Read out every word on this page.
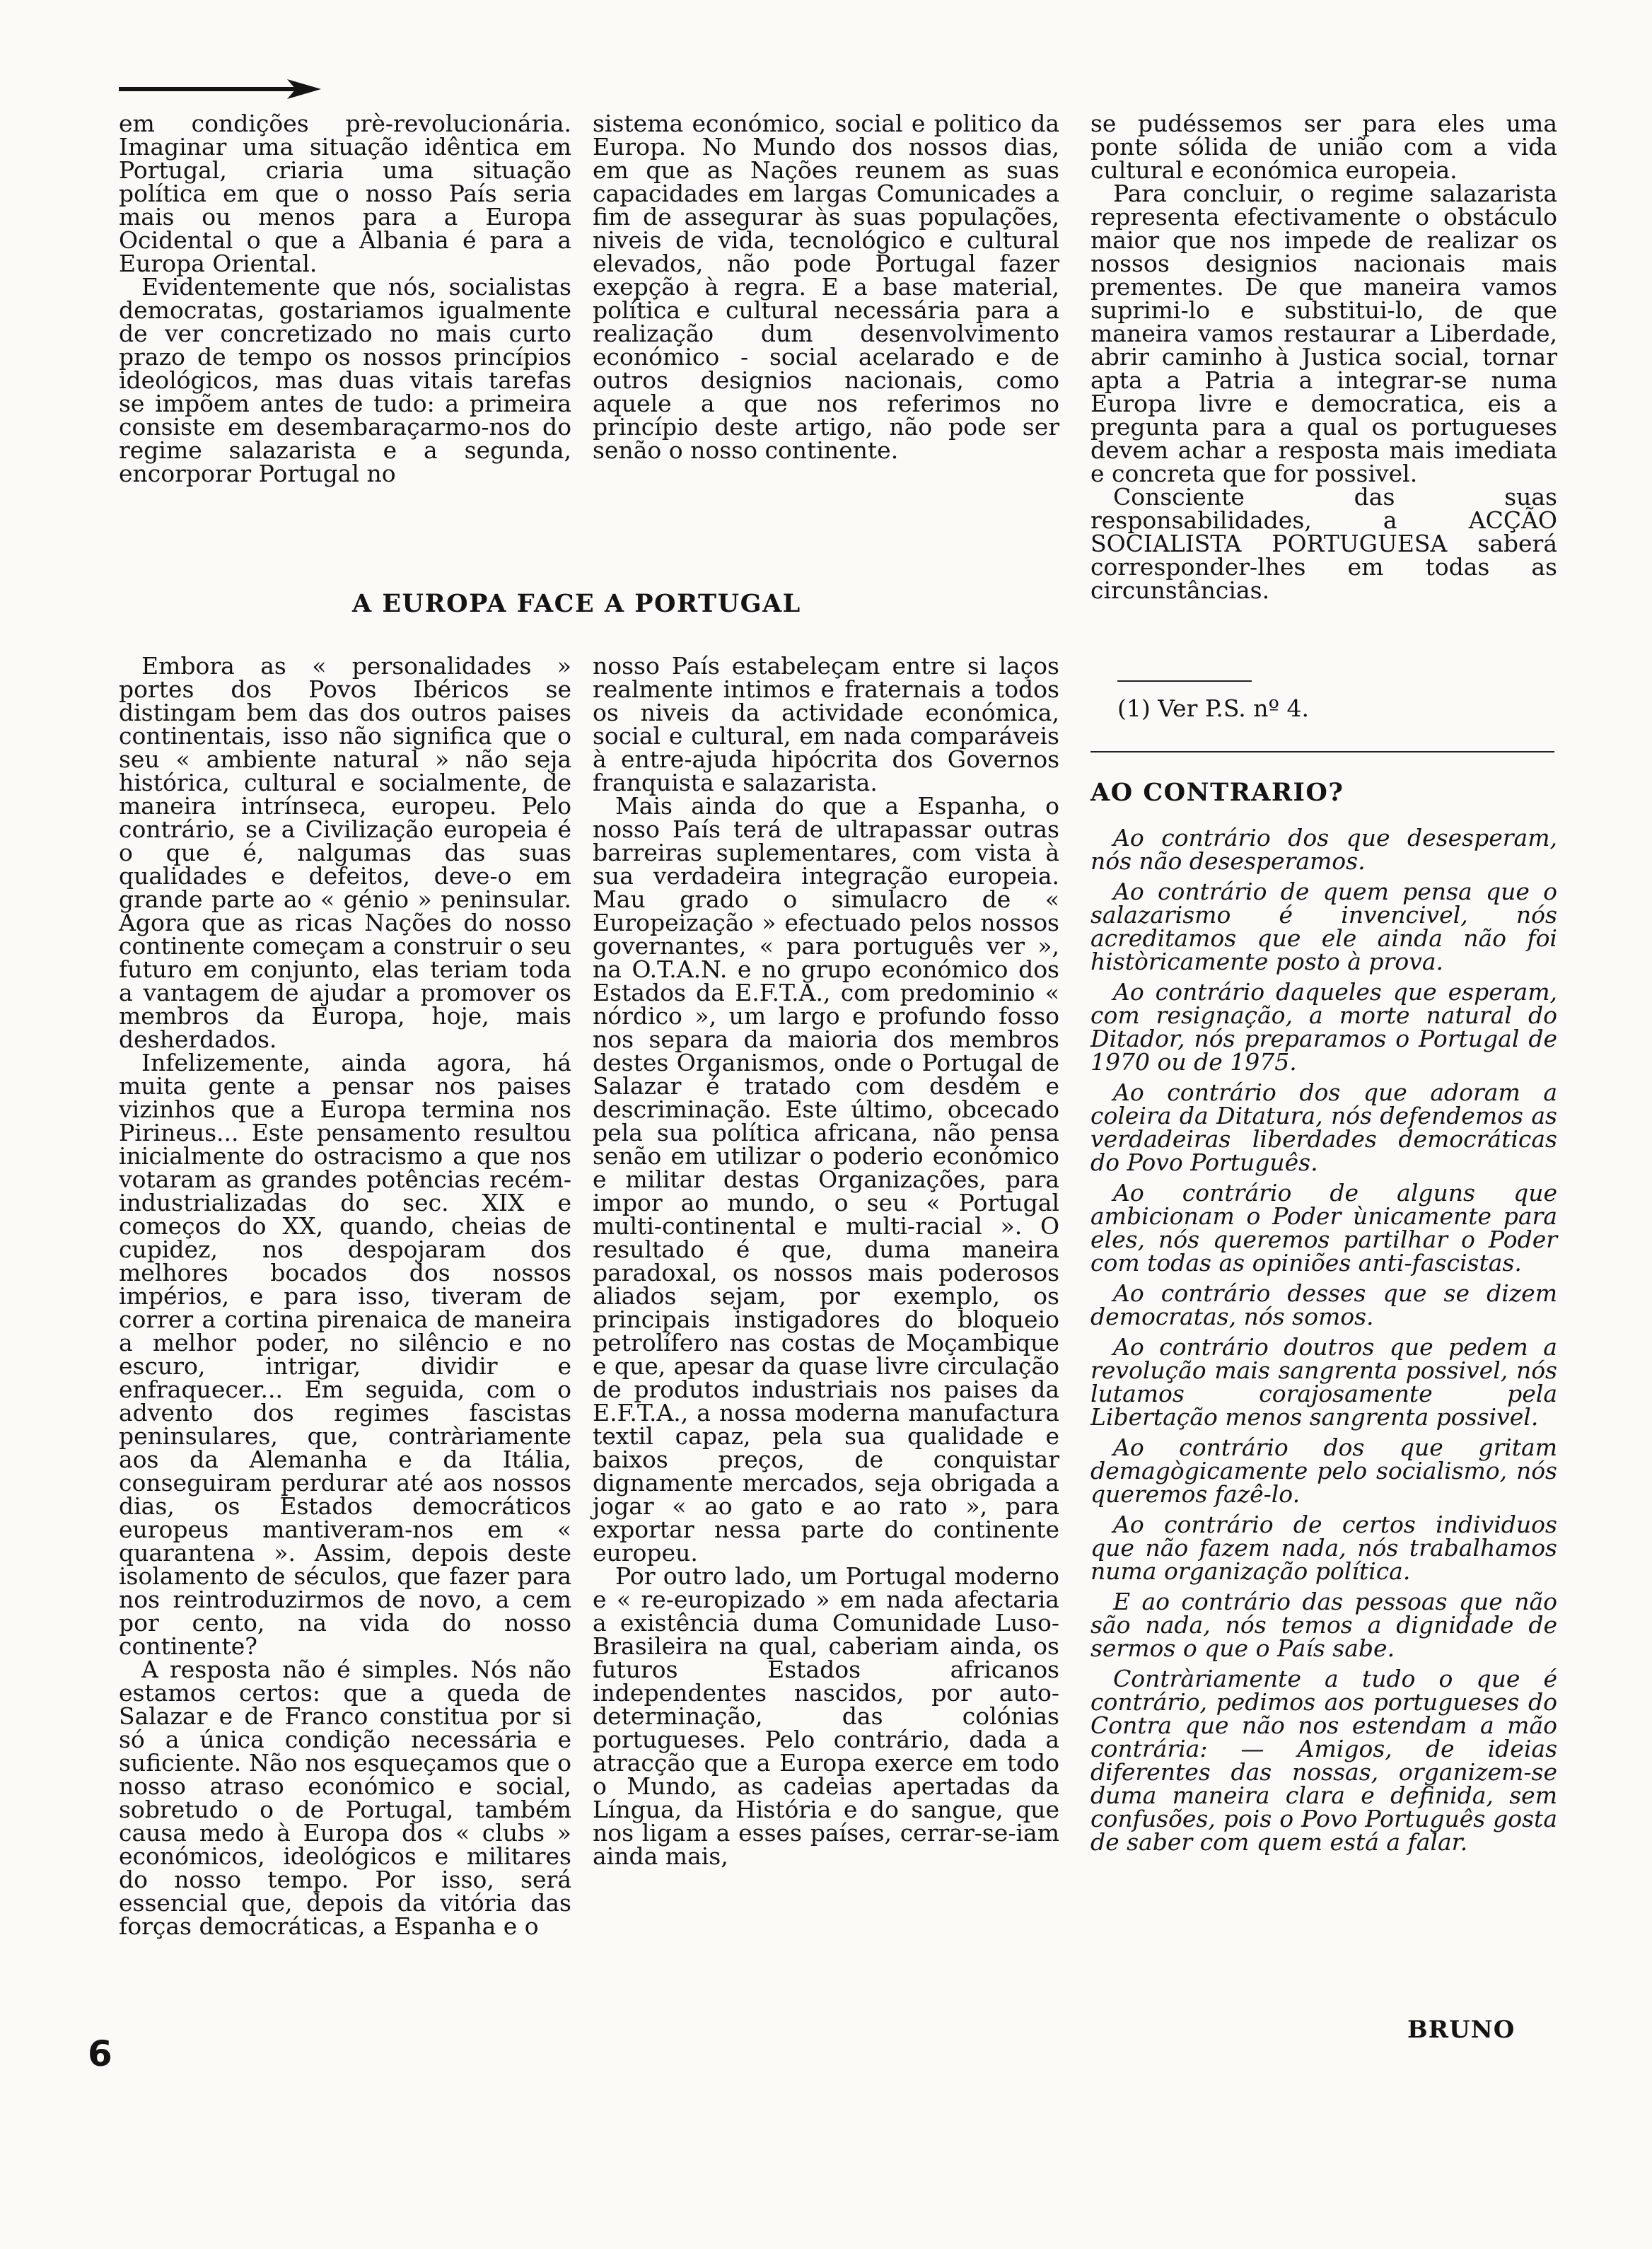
em condições prè-revolucionária. Imaginar uma situação idêntica em Portugal, criaria uma situação política em que o nosso País seria mais ou menos para a Europa Ocidental o que a Albania é para a Europa Oriental.

Evidentemente que nós, socialistas democratas, gostariamos igualmente de ver concretizado no mais curto prazo de tempo os nossos princípios ideológicos, mas duas vitais tarefas se impõem antes de tudo: a primeira consiste em desembaraçarmo-nos do regime salazarista e a segunda, encorporar Portugal no

sistema económico, social e politico da Europa. No Mundo dos nossos dias, em que as Nações reunem as suas capacidades em largas Comunicades a fim de assegurar às suas populações, niveis de vida, tecnológico e cultural elevados, não pode Portugal fazer exepção à regra. E a base material, política e cultural necessária para a realização dum desenvolvimento económico - social acelarado e de outros designios nacionais, como aquele a que nos referimos no princípio deste artigo, não pode ser senão o nosso continente.

A EUROPA FACE A PORTUGAL

Embora as « personalidades » portes dos Povos Ibéricos se distingam bem das dos outros paises continentais, isso não significa que o seu « ambiente natural » não seja histórica, cultural e socialmente, de maneira intrínseca, europeu. Pelo contrário, se a Civilização europeia é o que é, nalgumas das suas qualidades e defeitos, deve-o em grande parte ao « génio » peninsular. Agora que as ricas Nações do nosso continente começam a construir o seu futuro em conjunto, elas teriam toda a vantagem de ajudar a promover os membros da Europa, hoje, mais desherdados.

Infelizemente, ainda agora, há muita gente a pensar nos paises vizinhos que a Europa termina nos Pirineus... Este pensamento resultou inicialmente do ostracismo a que nos votaram as grandes potências recém-industrializadas do sec. XIX e começos do XX, quando, cheias de cupidez, nos despojaram dos melhores bocados dos nossos impérios, e para isso, tiveram de correr a cortina pirenaica de maneira a melhor poder, no silêncio e no escuro, intrigar, dividir e enfraquecer... Em seguida, com o advento dos regimes fascistas peninsulares, que, contràriamente aos da Alemanha e da Itália, conseguiram perdurar até aos nossos dias, os Estados democráticos europeus mantiveram-nos em « quarantena ». Assim, depois deste isolamento de séculos, que fazer para nos reintroduzirmos de novo, a cem por cento, na vida do nosso continente?

A resposta não é simples. Nós não estamos certos: que a queda de Salazar e de Franco constitua por si só a única condição necessária e suficiente. Não nos esqueçamos que o nosso atraso económico e social, sobretudo o de Portugal, também causa medo à Europa dos « clubs » económicos, ideológicos e militares do nosso tempo. Por isso, será essencial que, depois da vitória das forças democráticas, a Espanha e o

nosso País estabeleçam entre si laços realmente intimos e fraternais a todos os niveis da actividade económica, social e cultural, em nada comparáveis à entre-ajuda hipócrita dos Governos franquista e salazarista.

Mais ainda do que a Espanha, o nosso País terá de ultrapassar outras barreiras suplementares, com vista à sua verdadeira integração europeia. Mau grado o simulacro de « Europeização » efectuado pelos nossos governantes, « para português ver », na O.T.A.N. e no grupo económico dos Estados da E.F.T.A., com predominio « nórdico », um largo e profundo fosso nos separa da maioria dos membros destes Organismos, onde o Portugal de Salazar é tratado com desdém e descriminação. Este último, obcecado pela sua política africana, não pensa senão em utilizar o poderio económico e militar destas Organizações, para impor ao mundo, o seu « Portugal multi-continental e multi-racial ». O resultado é que, duma maneira paradoxal, os nossos mais poderosos aliados sejam, por exemplo, os principais instigadores do bloqueio petrolífero nas costas de Moçambique e que, apesar da quase livre circulação de produtos industriais nos paises da E.F.T.A., a nossa moderna manufactura textil capaz, pela sua qualidade e baixos preços, de conquistar dignamente mercados, seja obrigada a jogar « ao gato e ao rato », para exportar nessa parte do continente europeu.

Por outro lado, um Portugal moderno e « re-europizado » em nada afectaria a existência duma Comunidade Luso-Brasileira na qual, caberiam ainda, os futuros Estados africanos independentes nascidos, por auto-determinação, das colónias portugueses. Pelo contrário, dada a atracção que a Europa exerce em todo o Mundo, as cadeias apertadas da Língua, da História e do sangue, que nos ligam a esses países, cerrar-se-iam ainda mais,

se pudéssemos ser para eles uma ponte sólida de união com a vida cultural e económica europeia.

Para concluir, o regime salazarista representa efectivamente o obstáculo maior que nos impede de realizar os nossos designios nacionais mais prementes. De que maneira vamos suprimi-lo e substitui-lo, de que maneira vamos restaurar a Liberdade, abrir caminho à Justica social, tornar apta a Patria a integrar-se numa Europa livre e democratica, eis a pregunta para a qual os portugueses devem achar a resposta mais imediata e concreta que for possivel.

Consciente das suas responsabilidades, a ACÇÃO SOCIALISTA PORTUGUESA saberá corresponder-lhes em todas as circunstâncias.

(1) Ver P.S. nº 4.
AO CONTRARIO?

Ao contrário dos que desesperam, nós não desesperamos.

Ao contrário de quem pensa que o salazarismo é invencivel, nós acreditamos que ele ainda não foi històricamente posto à prova.

Ao contrário daqueles que esperam, com resignação, a morte natural do Ditador, nós preparamos o Portugal de 1970 ou de 1975.

Ao contrário dos que adoram a coleira da Ditatura, nós defendemos as verdadeiras liberdades democráticas do Povo Português.

Ao contrário de alguns que ambicionam o Poder ùnicamente para eles, nós queremos partilhar o Poder com todas as opiniões anti-fascistas.

Ao contrário desses que se dizem democratas, nós somos.

Ao contrário doutros que pedem a revolução mais sangrenta possivel, nós lutamos corajosamente pela Libertação menos sangrenta possivel.

Ao contrário dos que gritam demagògicamente pelo socialismo, nós queremos fazê-lo.

Ao contrário de certos individuos que não fazem nada, nós trabalhamos numa organização política.

E ao contrário das pessoas que não são nada, nós temos a dignidade de sermos o que o País sabe.

Contràriamente a tudo o que é contrário, pedimos aos portugueses do Contra que não nos estendam a mão contrária: — Amigos, de ideias diferentes das nossas, organizem-se duma maneira clara e definida, sem confusões, pois o Povo Português gosta de saber com quem está a falar.

BRUNO
6
